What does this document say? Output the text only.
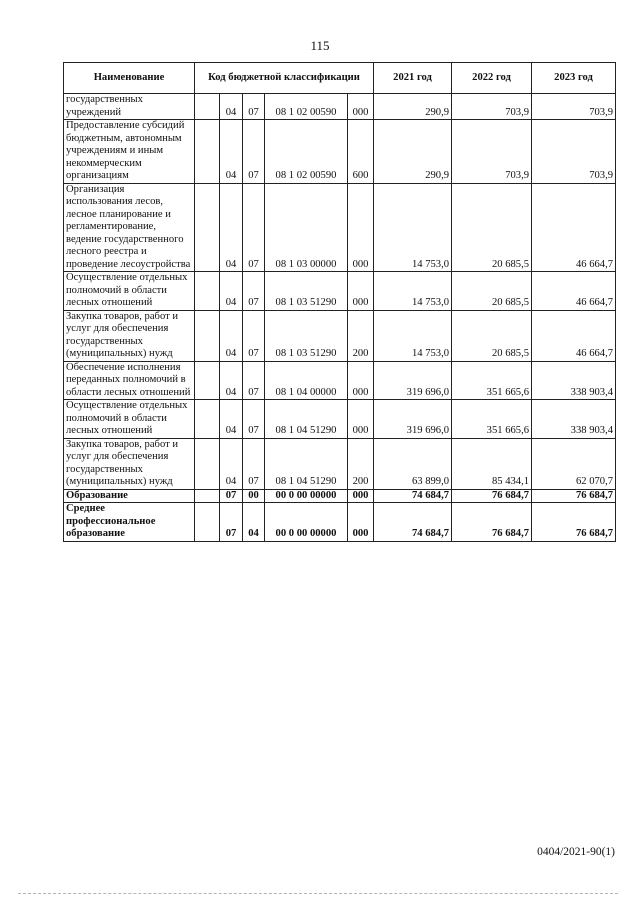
115
Наименование	Код бюджетной классификации					2021 год	2022 год	2023 год
государственных учреждений		04	07	08 1 02 00590	000	290,9	703,9	703,9
Предоставление субсидий бюджетным, автономным учреждениям и иным некоммерческим организациям		04	07	08 1 02 00590	600	290,9	703,9	703,9
Организация использования лесов, лесное планирование и регламентирование, ведение государственного лесного реестра и проведение лесоустройства		04	07	08 1 03 00000	000	14 753,0	20 685,5	46 664,7
Осуществление отдельных полномочий в области лесных отношений		04	07	08 1 03 51290	000	14 753,0	20 685,5	46 664,7
Закупка товаров, работ и услуг для обеспечения государственных (муниципальных) нужд		04	07	08 1 03 51290	200	14 753,0	20 685,5	46 664,7
Обеспечение исполнения переданных полномочий в области лесных отношений		04	07	08 1 04 00000	000	319 696,0	351 665,6	338 903,4
Осуществление отдельных полномочий в области лесных отношений		04	07	08 1 04 51290	000	319 696,0	351 665,6	338 903,4
Закупка товаров, работ и услуг для обеспечения государственных (муниципальных) нужд		04	07	08 1 04 51290	200	63 899,0	85 434,1	62 070,7
Образование		07	00	00 0 00 00000	000	74 684,7	76 684,7	76 684,7
Среднее профессиональное образование		07	04	00 0 00 00000	000	74 684,7	76 684,7	76 684,7
0404/2021-90(1)
